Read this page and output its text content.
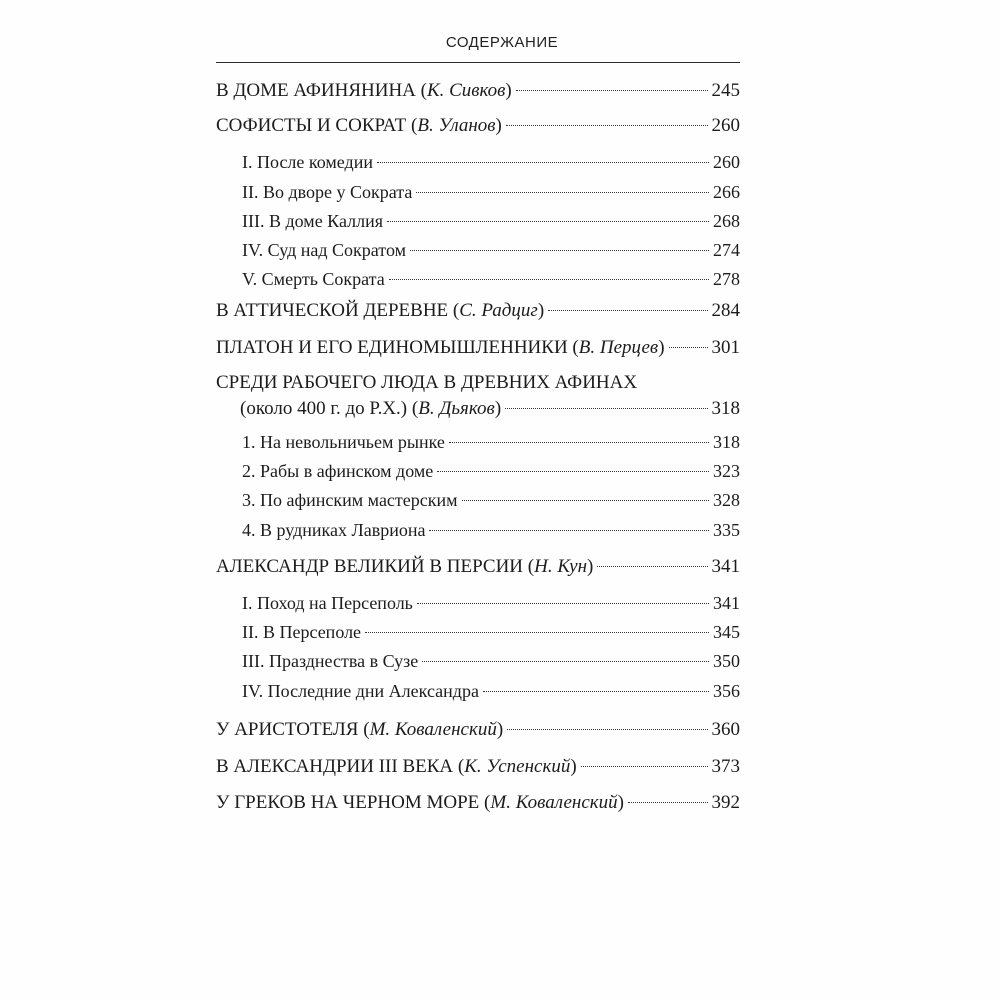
СОДЕРЖАНИЕ
В ДОМЕ АФИНЯНИНА (К. Сивков)	245
СОФИСТЫ И СОКРАТ (В. Уланов)	260
I. После комедии	260
II. Во дворе у Сократа	266
III. В доме Каллия	268
IV. Суд над Сократом	274
V. Смерть Сократа	278
В АТТИЧЕСКОЙ ДЕРЕВНЕ (С. Радциг)	284
ПЛАТОН И ЕГО ЕДИНОМЫШЛЕННИКИ (В. Перцев) 301
СРЕДИ РАБОЧЕГО ЛЮДА В ДРЕВНИХ АФИНАХ
(около 400 г. до Р.Х.) (В. Дьяков)	318
1. На невольничьем рынке	318
2. Рабы в афинском доме	323
3. По афинским мастерским	328
4. В рудниках Лавриона	335
АЛЕКСАНДР ВЕЛИКИЙ В ПЕРСИИ (Н. Кун)	341
I. Поход на Персеполь	341
II. В Персеполе	345
III. Празднества в Сузе	350
IV. Последние дни Александра	356
У АРИСТОТЕЛЯ (М. Коваленский)	360
В АЛЕКСАНДРИИ III ВЕКА (К. Успенский)	373
У ГРЕКОВ НА ЧЕРНОМ МОРЕ (М. Коваленский)	392
